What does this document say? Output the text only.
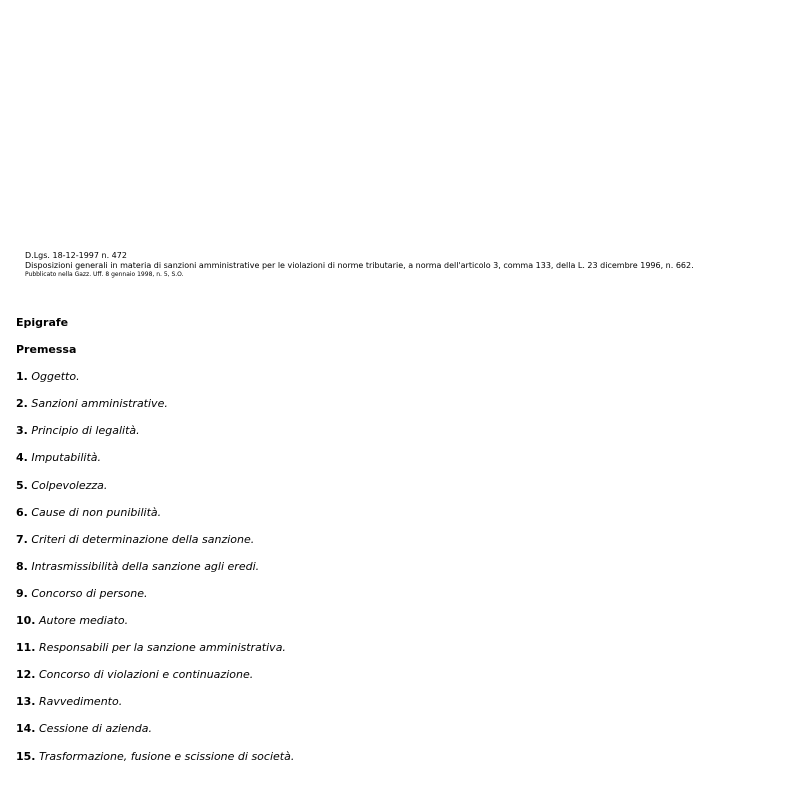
D.Lgs. 18-12-1997 n. 472
Disposizioni generali in materia di sanzioni amministrative per le violazioni di norme tributarie, a norma dell'articolo 3, comma 133, della L. 23 dicembre 1996, n. 662.
Pubblicato nella Gazz. Uff. 8 gennaio 1998, n. 5, S.O.
Epigrafe
Premessa
1. Oggetto.
2. Sanzioni amministrative.
3. Principio di legalità.
4. Imputabilità.
5. Colpevolezza.
6. Cause di non punibilità.
7. Criteri di determinazione della sanzione.
8. Intrasmissibilità della sanzione agli eredi.
9. Concorso di persone.
10. Autore mediato.
11. Responsabili per la sanzione amministrativa.
12. Concorso di violazioni e continuazione.
13. Ravvedimento.
14. Cessione di azienda.
15. Trasformazione, fusione e scissione di società.
